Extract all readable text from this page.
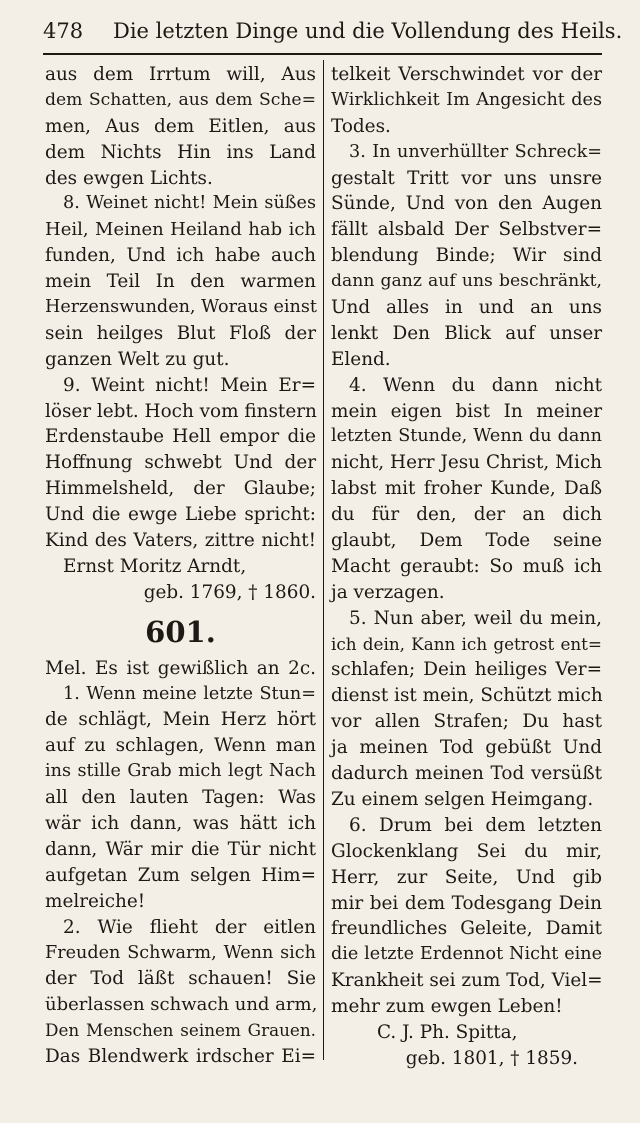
478 Die letzten Dinge und die Vollendung des Heils.
aus dem Irrtum will, Aus
dem Schatten, aus dem Sche=
men, Aus dem Eitlen, aus
dem Nichts Hin ins Land
des ewgen Lichts.
8. Weinet nicht! Mein süßes
Heil, Meinen Heiland hab ich
funden, Und ich habe auch
mein Teil In den warmen
Herzenswunden, Woraus einst
sein heilges Blut Floß der
ganzen Welt zu gut.
9. Weint nicht! Mein Er=
löser lebt. Hoch vom finstern
Erdenstaube Hell empor die
Hoffnung schwebt Und der
Himmelsheld, der Glaube;
Und die ewge Liebe spricht:
Kind des Vaters, zittre nicht!
Ernst Moritz Arndt,
geb. 1769, † 1860.
601.
Mel. Es ist gewißlich an 2c.
1. Wenn meine letzte Stun=
de schlägt, Mein Herz hört
auf zu schlagen, Wenn man
ins stille Grab mich legt Nach
all den lauten Tagen: Was
wär ich dann, was hätt ich
dann, Wär mir die Tür nicht
aufgetan Zum selgen Him=
melreiche!
2. Wie flieht der eitlen
Freuden Schwarm, Wenn sich
der Tod läßt schauen! Sie
überlassen schwach und arm,
Den Menschen seinem Grauen.
Das Blendwerk irdscher Ei=
telkeit Verschwindet vor der
Wirklichkeit Im Angesicht des
Todes.
3. In unverhüllter Schreck=
gestalt Tritt vor uns unsre
Sünde, Und von den Augen
fällt alsbald Der Selbstver=
blendung Binde; Wir sind
dann ganz auf uns beschränkt,
Und alles in und an uns
lenkt Den Blick auf unser
Elend.
4. Wenn du dann nicht
mein eigen bist In meiner
letzten Stunde, Wenn du dann
nicht, Herr Jesu Christ, Mich
labst mit froher Kunde, Daß
du für den, der an dich
glaubt, Dem Tode seine
Macht geraubt: So muß ich
ja verzagen.
5. Nun aber, weil du mein,
ich dein, Kann ich getrost ent=
schlafen; Dein heiliges Ver=
dienst ist mein, Schützt mich
vor allen Strafen; Du hast
ja meinen Tod gebüßt Und
dadurch meinen Tod versüßt
Zu einem selgen Heimgang.
6. Drum bei dem letzten
Glockenklang Sei du mir,
Herr, zur Seite, Und gib
mir bei dem Todesgang Dein
freundliches Geleite, Damit
die letzte Erdennot Nicht eine
Krankheit sei zum Tod, Viel=
mehr zum ewgen Leben!
C. J. Ph. Spitta,
geb. 1801, † 1859.
